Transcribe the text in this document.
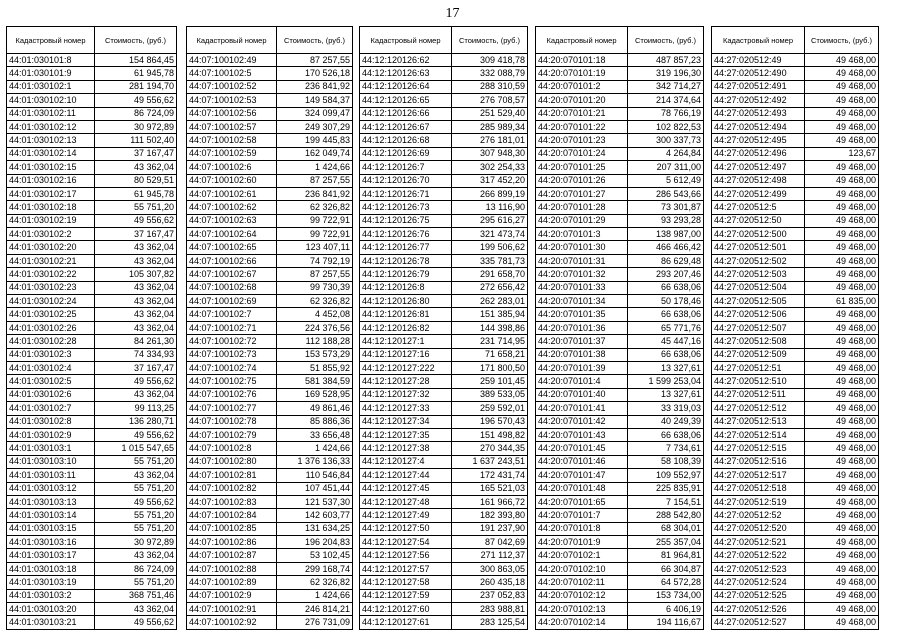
17
Кадастровый номер	Стоимость, (руб.)
44:01:030101:8	154 864,45
44:01:030101:9	61 945,78
44:01:030102:1	281 194,70
44:01:030102:10	49 556,62
44:01:030102:11	86 724,09
44:01:030102:12	30 972,89
44:01:030102:13	111 502,40
44:01:030102:14	37 167,47
44:01:030102:15	43 362,04
44:01:030102:16	80 529,51
44:01:030102:17	61 945,78
44:01:030102:18	55 751,20
44:01:030102:19	49 556,62
44:01:030102:2	37 167,47
44:01:030102:20	43 362,04
44:01:030102:21	43 362,04
44:01:030102:22	105 307,82
44:01:030102:23	43 362,04
44:01:030102:24	43 362,04
44:01:030102:25	43 362,04
44:01:030102:26	43 362,04
44:01:030102:28	84 261,30
44:01:030102:3	74 334,93
44:01:030102:4	37 167,47
44:01:030102:5	49 556,62
44:01:030102:6	43 362,04
44:01:030102:7	99 113,25
44:01:030102:8	136 280,71
44:01:030102:9	49 556,62
44:01:030103:1	1 015 547,65
44:01:030103:10	55 751,20
44:01:030103:11	43 362,04
44:01:030103:12	55 751,20
44:01:030103:13	49 556,62
44:01:030103:14	55 751,20
44:01:030103:15	55 751,20
44:01:030103:16	30 972,89
44:01:030103:17	43 362,04
44:01:030103:18	86 724,09
44:01:030103:19	55 751,20
44:01:030103:2	368 751,46
44:01:030103:20	43 362,04
44:01:030103:21	49 556,62
Кадастровый номер	Стоимость, (руб.)
44:07:100102:49	87 257,55
44:07:100102:5	170 526,18
44:07:100102:52	236 841,92
44:07:100102:53	149 584,37
44:07:100102:56	324 099,47
44:07:100102:57	249 307,29
44:07:100102:58	199 445,83
44:07:100102:59	162 049,74
44:07:100102:6	1 424,66
44:07:100102:60	87 257,55
44:07:100102:61	236 841,92
44:07:100102:62	62 326,82
44:07:100102:63	99 722,91
44:07:100102:64	99 722,91
44:07:100102:65	123 407,11
44:07:100102:66	74 792,19
44:07:100102:67	87 257,55
44:07:100102:68	99 730,39
44:07:100102:69	62 326,82
44:07:100102:7	4 452,08
44:07:100102:71	224 376,56
44:07:100102:72	112 188,28
44:07:100102:73	153 573,29
44:07:100102:74	51 855,92
44:07:100102:75	581 384,59
44:07:100102:76	169 528,95
44:07:100102:77	49 861,46
44:07:100102:78	85 886,36
44:07:100102:79	33 656,48
44:07:100102:8	1 424,66
44:07:100102:80	1 376 136,33
44:07:100102:81	110 546,84
44:07:100102:82	107 451,44
44:07:100102:83	121 537,30
44:07:100102:84	142 603,77
44:07:100102:85	131 634,25
44:07:100102:86	196 204,83
44:07:100102:87	53 102,45
44:07:100102:88	299 168,74
44:07:100102:89	62 326,82
44:07:100102:9	1 424,66
44:07:100102:91	246 814,21
44:07:100102:92	276 731,09
Кадастровый номер	Стоимость, (руб.)
44:12:120126:62	309 418,78
44:12:120126:63	332 088,79
44:12:120126:64	288 310,59
44:12:120126:65	276 708,57
44:12:120126:66	251 529,40
44:12:120126:67	285 989,34
44:12:120126:68	276 181,01
44:12:120126:69	307 948,30
44:12:120126:7	302 254,33
44:12:120126:70	317 452,20
44:12:120126:71	266 899,19
44:12:120126:73	13 116,90
44:12:120126:75	295 616,27
44:12:120126:76	321 473,74
44:12:120126:77	199 506,62
44:12:120126:78	335 781,73
44:12:120126:79	291 658,70
44:12:120126:8	272 656,42
44:12:120126:80	262 283,01
44:12:120126:81	151 385,94
44:12:120126:82	144 398,86
44:12:120127:1	231 714,95
44:12:120127:16	71 658,21
44:12:120127:222	171 800,50
44:12:120127:28	259 101,45
44:12:120127:32	389 533,05
44:12:120127:33	259 592,01
44:12:120127:34	196 570,43
44:12:120127:35	151 498,82
44:12:120127:38	270 344,35
44:12:120127:4	1 637 243,51
44:12:120127:44	172 431,74
44:12:120127:45	165 521,03
44:12:120127:48	161 966,72
44:12:120127:49	182 393,80
44:12:120127:50	191 237,90
44:12:120127:54	87 042,69
44:12:120127:56	271 112,37
44:12:120127:57	300 863,05
44:12:120127:58	260 435,18
44:12:120127:59	237 052,83
44:12:120127:60	283 988,81
44:12:120127:61	283 125,54
Кадастровый номер	Стоимость, (руб.)
44:20:070101:18	487 857,23
44:20:070101:19	319 196,30
44:20:070101:2	342 714,27
44:20:070101:20	214 374,64
44:20:070101:21	78 766,19
44:20:070101:22	102 822,53
44:20:070101:23	300 337,73
44:20:070101:24	4 264,84
44:20:070101:25	207 311,00
44:20:070101:26	5 612,49
44:20:070101:27	286 543,66
44:20:070101:28	73 301,87
44:20:070101:29	93 293,28
44:20:070101:3	138 987,00
44:20:070101:30	466 466,42
44:20:070101:31	86 629,48
44:20:070101:32	293 207,46
44:20:070101:33	66 638,06
44:20:070101:34	50 178,46
44:20:070101:35	66 638,06
44:20:070101:36	65 771,76
44:20:070101:37	45 447,16
44:20:070101:38	66 638,06
44:20:070101:39	13 327,61
44:20:070101:4	1 599 253,04
44:20:070101:40	13 327,61
44:20:070101:41	33 319,03
44:20:070101:42	40 249,39
44:20:070101:43	66 638,06
44:20:070101:45	7 734,61
44:20:070101:46	58 108,39
44:20:070101:47	109 552,97
44:20:070101:48	225 835,91
44:20:070101:65	7 154,51
44:20:070101:7	288 542,80
44:20:070101:8	68 304,01
44:20:070101:9	255 357,04
44:20:070102:1	81 964,81
44:20:070102:10	66 304,87
44:20:070102:11	64 572,28
44:20:070102:12	153 734,00
44:20:070102:13	6 406,19
44:20:070102:14	194 116,67
Кадастровый номер	Стоимость, (руб.)
44:27:020512:49	49 468,00
44:27:020512:490	49 468,00
44:27:020512:491	49 468,00
44:27:020512:492	49 468,00
44:27:020512:493	49 468,00
44:27:020512:494	49 468,00
44:27:020512:495	49 468,00
44:27:020512:496	123,67
44:27:020512:497	49 468,00
44:27:020512:498	49 468,00
44:27:020512:499	49 468,00
44:27:020512:5	49 468,00
44:27:020512:50	49 468,00
44:27:020512:500	49 468,00
44:27:020512:501	49 468,00
44:27:020512:502	49 468,00
44:27:020512:503	49 468,00
44:27:020512:504	49 468,00
44:27:020512:505	61 835,00
44:27:020512:506	49 468,00
44:27:020512:507	49 468,00
44:27:020512:508	49 468,00
44:27:020512:509	49 468,00
44:27:020512:51	49 468,00
44:27:020512:510	49 468,00
44:27:020512:511	49 468,00
44:27:020512:512	49 468,00
44:27:020512:513	49 468,00
44:27:020512:514	49 468,00
44:27:020512:515	49 468,00
44:27:020512:516	49 468,00
44:27:020512:517	49 468,00
44:27:020512:518	49 468,00
44:27:020512:519	49 468,00
44:27:020512:52	49 468,00
44:27:020512:520	49 468,00
44:27:020512:521	49 468,00
44:27:020512:522	49 468,00
44:27:020512:523	49 468,00
44:27:020512:524	49 468,00
44:27:020512:525	49 468,00
44:27:020512:526	49 468,00
44:27:020512:527	49 468,00
